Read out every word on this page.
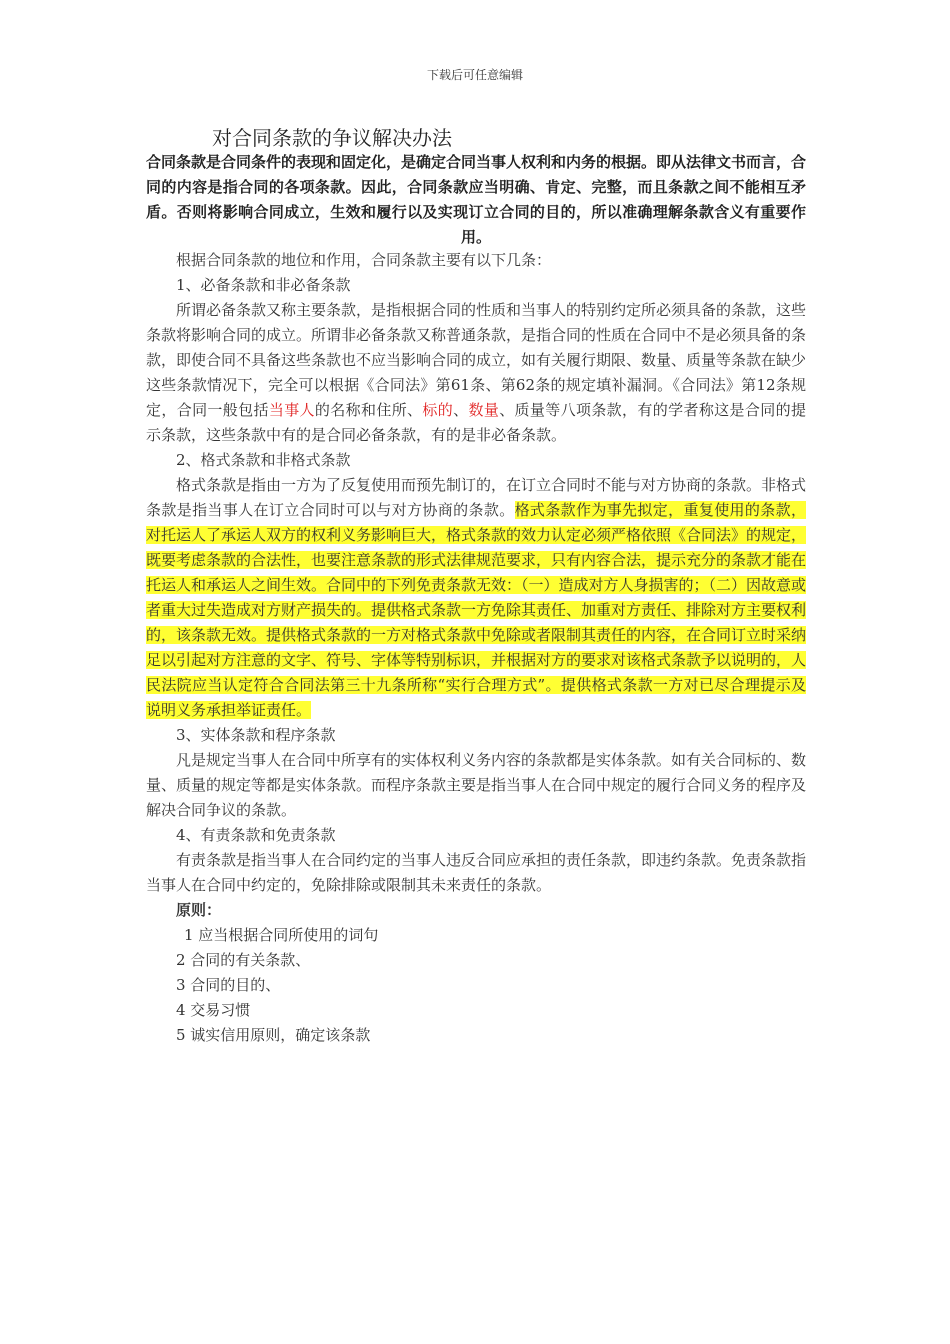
下载后可任意编辑
对合同条款的争议解决办法
合同条款是合同条件的表现和固定化，是确定合同当事人权利和内务的根据。即从法律文书而言，合同的内容是指合同的各项条款。因此，合同条款应当明确、肯定、完整，而且条款之间不能相互矛盾。否则将影响合同成立，生效和履行以及实现订立合同的目的，所以准确理解条款含义有重要作用。

根据合同条款的地位和作用，合同条款主要有以下几条：

1、必备条款和非必备条款

所谓必备条款又称主要条款，是指根据合同的性质和当事人的特别约定所必须具备的条款，这些条款将影响合同的成立。所谓非必备条款又称普通条款，是指合同的性质在合同中不是必须具备的条款，即使合同不具备这些条款也不应当影响合同的成立，如有关履行期限、数量、质量等条款在缺少这些条款情况下，完全可以根据《合同法》第61条、第62条的规定填补漏洞。《合同法》第12条规定，合同一般包括当事人的名称和住所、标的、数量、质量等八项条款，有的学者称这是合同的提示条款，这些条款中有的是合同必备条款，有的是非必备条款。

2、格式条款和非格式条款

格式条款是指由一方为了反复使用而预先制订的，在订立合同时不能与对方协商的条款。非格式条款是指当事人在订立合同时可以与对方协商的条款。格式条款作为事先拟定，重复使用的条款，对托运人了承运人双方的权利义务影响巨大，格式条款的效力认定必须严格依照《合同法》的规定，既要考虑条款的合法性，也要注意条款的形式法律规范要求，只有内容合法，提示充分的条款才能在托运人和承运人之间生效。合同中的下列免责条款无效：（一）造成对方人身损害的；（二）因故意或者重大过失造成对方财产损失的。提供格式条款一方免除其责任、加重对方责任、排除对方主要权利的，该条款无效。提供格式条款的一方对格式条款中免除或者限制其责任的内容，在合同订立时采纳足以引起对方注意的文字、符号、字体等特别标识，并根据对方的要求对该格式条款予以说明的，人民法院应当认定符合合同法第三十九条所称“实行合理方式”。提供格式条款一方对已尽合理提示及说明义务承担举证责任。

3、实体条款和程序条款

凡是规定当事人在合同中所享有的实体权利义务内容的条款都是实体条款。如有关合同标的、数量、质量的规定等都是实体条款。而程序条款主要是指当事人在合同中规定的履行合同义务的程序及解决合同争议的条款。

4、有责条款和免责条款

有责条款是指当事人在合同约定的当事人违反合同应承担的责任条款，即违约条款。免责条款指当事人在合同中约定的，免除排除或限制其未来责任的条款。

原则：

1 应当根据合同所使用的词句

2 合同的有关条款、

3 合同的目的、

4 交易习惯

5 诚实信用原则，确定该条款
